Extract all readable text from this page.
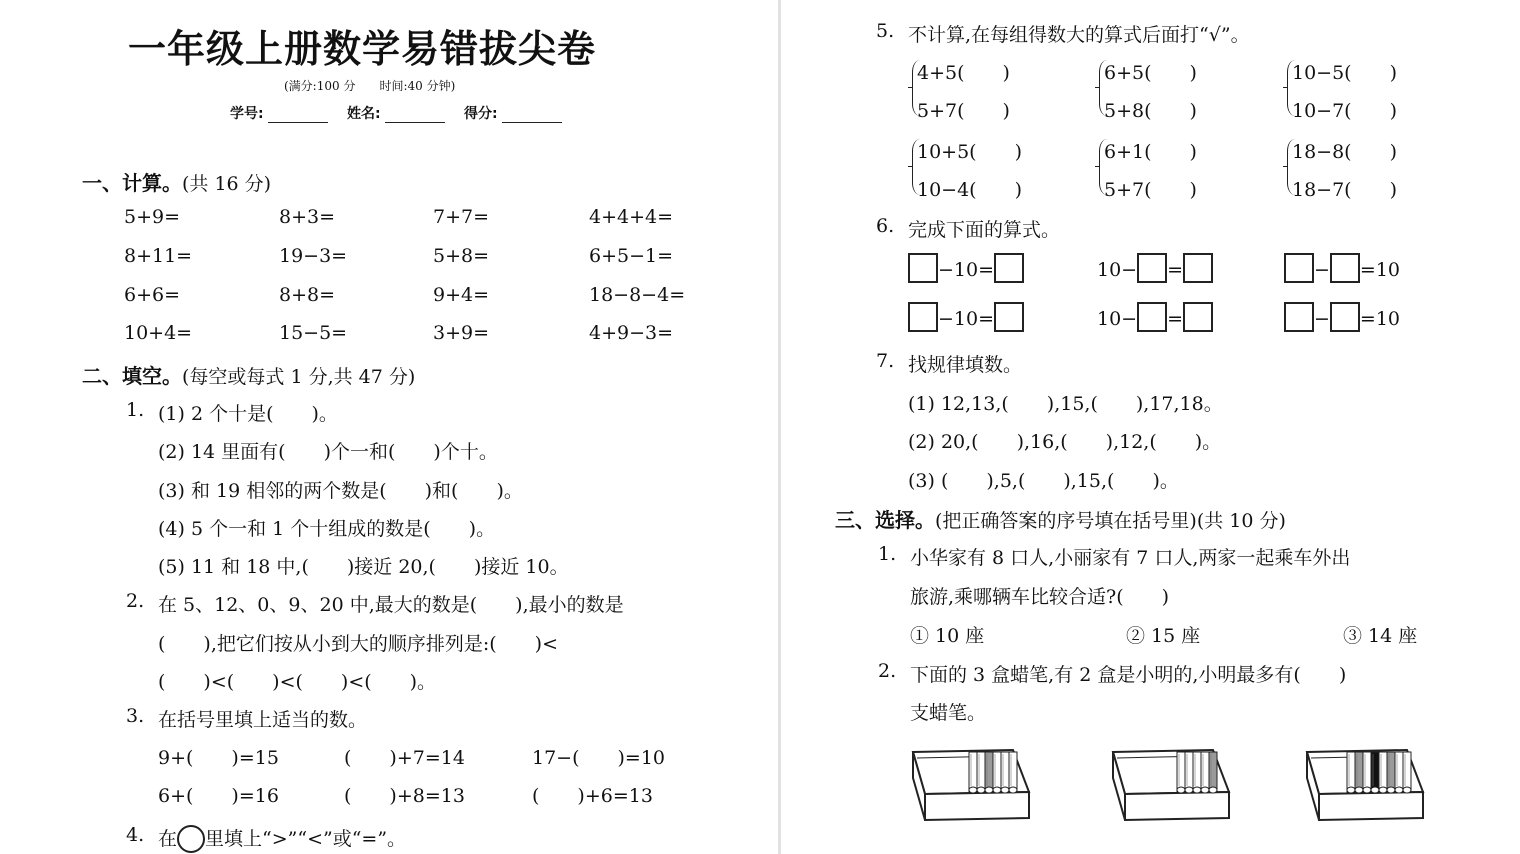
一年级上册数学易错拔尖卷
(满分:100 分　　时间:40 分钟)
学号:	姓名:	得分:
一、计算。(共 16 分)
5+9=	8+3=	7+7=	4+4+4=
8+11=	19−3=	5+8=	6+5−1=
6+6=	8+8=	9+4=	18−8−4=
10+4=	15−5=	3+9=	4+9−3=
二、填空。(每空或每式 1 分,共 47 分)
1. (1) 2 个十是(　　)。
(2) 14 里面有(　　)个一和(　　)个十。
(3) 和 19 相邻的两个数是(　　)和(　　)。
(4) 5 个一和 1 个十组成的数是(　　)。
(5) 11 和 18 中,(　　)接近 20,(　　)接近 10。
2. 在 5、12、0、9、20 中,最大的数是(　　),最小的数是
(　　),把它们按从小到大的顺序排列是:(　　)<
(　　)<(　　)<(　　)<(　　)。
3. 在括号里填上适当的数。
9+(　　)=15	(　　)+7=14	17−(　　)=10
6+(　　)=16	(　　)+8=13	(　　)+6=13
4. 在 里填上“>”“<”或“=”。
5. 不计算,在每组得数大的算式后面打“√”。
4+5(　　)
5+7(　　)
6+5(　　)
5+8(　　)
10−5(　　)
10−7(　　)
10+5(　　)
10−4(　　)
6+1(　　)
5+7(　　)
18−8(　　)
18−7(　　)
6. 完成下面的算式。
−10=	10− =	− =10
−10=	10− =	− =10
7. 找规律填数。
(1) 12,13,(　　),15,(　　),17,18。
(2) 20,(　　),16,(　　),12,(　　)。
(3) (　　),5,(　　),15,(　　)。
三、选择。(把正确答案的序号填在括号里)(共 10 分)
1. 小华家有 8 口人,小丽家有 7 口人,两家一起乘车外出
旅游,乘哪辆车比较合适?(　　)
① 10 座	② 15 座	③ 14 座
2. 下面的 3 盒蜡笔,有 2 盒是小明的,小明最多有(　　)
支蜡笔。
